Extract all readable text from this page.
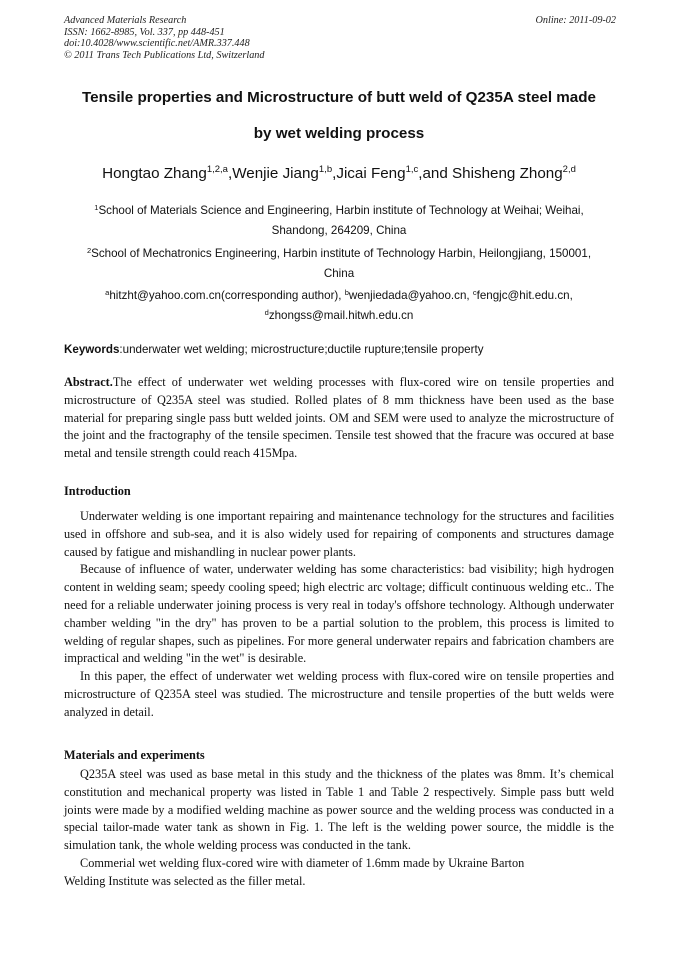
Advanced Materials Research
ISSN: 1662-8985, Vol. 337, pp 448-451
doi:10.4028/www.scientific.net/AMR.337.448
© 2011 Trans Tech Publications Ltd, Switzerland
Online: 2011-09-02
Tensile properties and Microstructure of butt weld of Q235A steel made
by wet welding process
Hongtao Zhang$^{1,2,a}$,Wenjie Jiang$^{1,b}$,Jicai Feng$^{1,c}$,and Shisheng Zhong$^{2,d}$
$^1$School of Materials Science and Engineering, Harbin institute of Technology at Weihai; Weihai,
Shandong, 264209, China
$^2$School of Mechatronics Engineering, Harbin institute of Technology Harbin, Heilongjiang, 150001,
China
$^a$hitzht@yahoo.com.cn(corresponding author), $^b$wenjiedada@yahoo.cn, $^c$fengjc@hit.edu.cn,
$^d$zhongss@mail.hitwh.edu.cn
Keywords:underwater wet welding; microstructure;ductile rupture;tensile property

Abstract.The effect of underwater wet welding processes with flux-cored wire on tensile properties and microstructure of Q235A steel was studied. Rolled plates of 8 mm thickness have been used as the base material for preparing single pass butt welded joints. OM and SEM were used to analyze the microstructure of the joint and the fractography of the tensile specimen. Tensile test showed that the fracure was occured at base metal and tensile strength could reach 415Mpa.

Introduction

Underwater welding is one important repairing and maintenance technology for the structures and facilities used in offshore and sub-sea, and it is also widely used for repairing of components and structures damage caused by fatigue and mishandling in nuclear power plants.

Because of influence of water, underwater welding has some characteristics: bad visibility; high hydrogen content in welding seam; speedy cooling speed; high electric arc voltage; difficult continuous welding etc.. The need for a reliable underwater joining process is very real in today's offshore technology. Although underwater chamber welding "in the dry" has proven to be a partial solution to the problem, this process is limited to welding of regular shapes, such as pipelines. For more general underwater repairs and fabrication chambers are impractical and welding "in the wet" is desirable.

In this paper, the effect of underwater wet welding process with flux-cored wire on tensile properties and microstructure of Q235A steel was studied. The microstructure and tensile properties of the butt welds were analyzed in detail.

Materials and experiments

Q235A steel was used as base metal in this study and the thickness of the plates was 8mm. It’s chemical constitution and mechanical property was listed in Table 1 and Table 2 respectively. Simple pass butt weld joints were made by a modified welding machine as power source and the welding process was conducted in a special tailor-made water tank as shown in Fig. 1. The left is the welding power source, the middle is the simulation tank, the whole welding process was conducted in the tank.

Commerial wet welding flux-cored wire with diameter of 1.6mm made by Ukraine Barton
Welding Institute was selected as the filler metal.
